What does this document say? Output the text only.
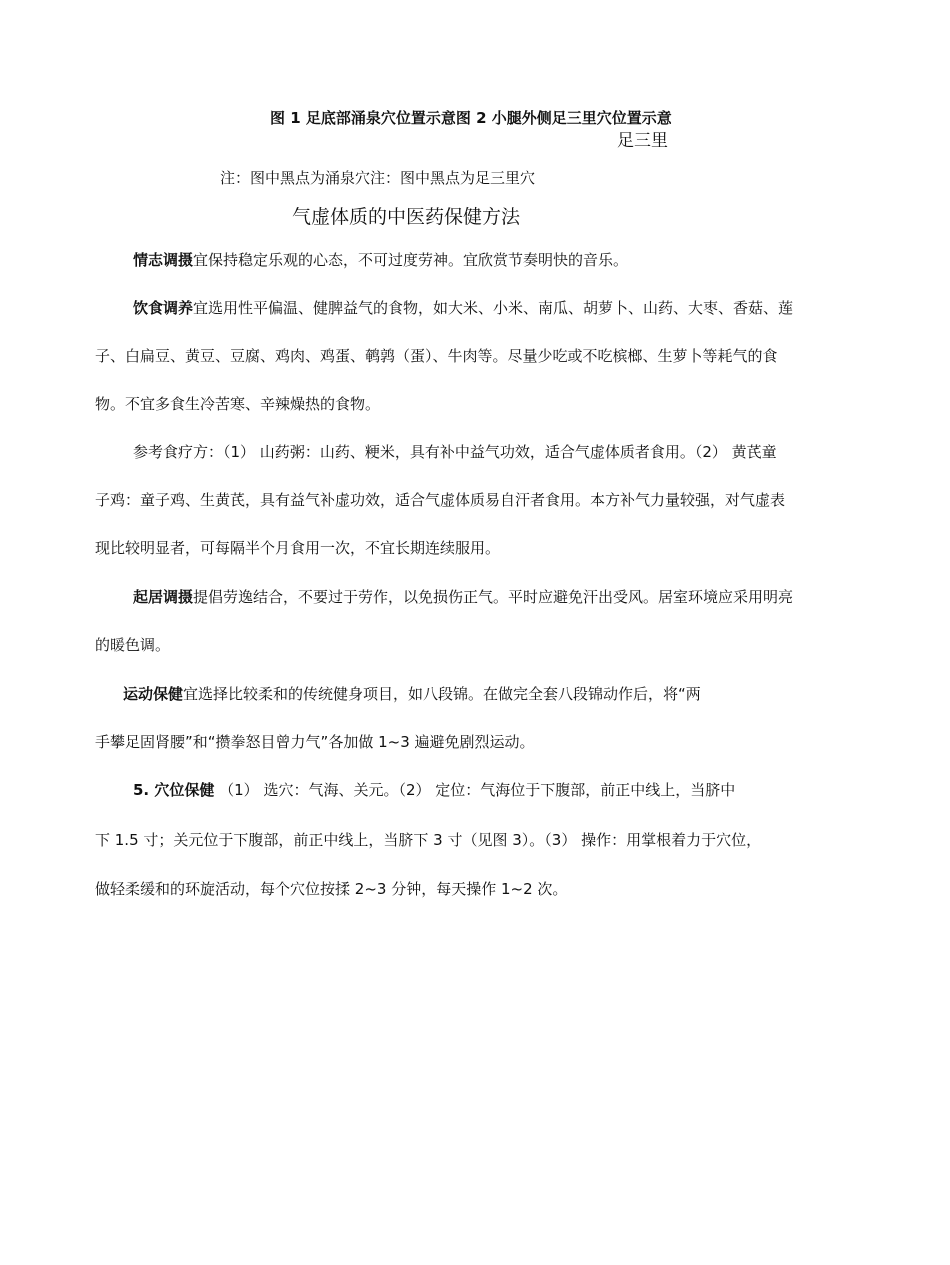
图 1 足底部涌泉穴位置示意图 2 小腿外侧足三里穴位置示意
足三里
注：图中黑点为涌泉穴注：图中黑点为足三里穴
气虚体质的中医药保健方法
情志调摄宜保持稳定乐观的心态，不可过度劳神。宜欣赏节奏明快的音乐。
饮食调养宜选用性平偏温、健脾益气的食物，如大米、小米、南瓜、胡萝卜、山药、大枣、香菇、莲
子、白扁豆、黄豆、豆腐、鸡肉、鸡蛋、鹌鹑（蛋）、牛肉等。尽量少吃或不吃槟榔、生萝卜等耗气的食
物。不宜多食生冷苦寒、辛辣燥热的食物。
参考食疗方：（1） 山药粥：山药、粳米，具有补中益气功效，适合气虚体质者食用。（2） 黄芪童
子鸡：童子鸡、生黄芪，具有益气补虚功效，适合气虚体质易自汗者食用。本方补气力量较强，对气虚表
现比较明显者，可每隔半个月食用一次，不宜长期连续服用。
起居调摄提倡劳逸结合，不要过于劳作，以免损伤正气。平时应避免汗出受风。居室环境应采用明亮
的暖色调。
运动保健宜选择比较柔和的传统健身项目，如八段锦。在做完全套八段锦动作后，将“两
手攀足固肾腰”和“攒拳怒目曾力气”各加做 1~3 遍避免剧烈运动。
5. 穴位保健 （1） 选穴：气海、关元。（2） 定位：气海位于下腹部，前正中线上，当脐中
下 1.5 寸；关元位于下腹部，前正中线上，当脐下 3 寸（见图 3）。（3） 操作：用掌根着力于穴位，
做轻柔缓和的环旋活动，每个穴位按揉 2~3 分钟，每天操作 1~2 次。
